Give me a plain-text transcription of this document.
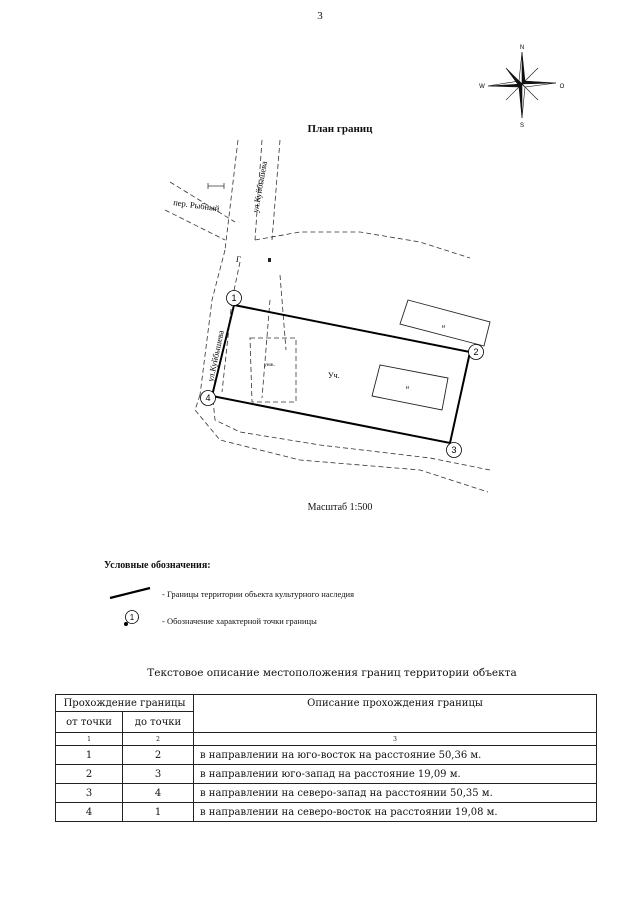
3
N
S
W	O
План границ
пер. Рыбный	ул.Куйбышева
ул.Куйбышева
Г
Уч.
унж.
н
н
1
2
3
4
Масштаб 1:500
Условные обозначения:
- Границы территории объекта культурного наследия
1	- Обозначение характерной точки границы
Текстовое описание местоположения границ территории объекта
Прохождение границы		Описание прохождения границы
от точки	до точки	
1	2	3
1	2	в направлении на юго-восток на расстояние 50,36 м.
2	3	в направлении юго-запад на расстояние 19,09 м.
3	4	в направлении на северо-запад на расстоянии 50,35 м.
4	1	в направлении на северо-восток на расстоянии 19,08 м.
